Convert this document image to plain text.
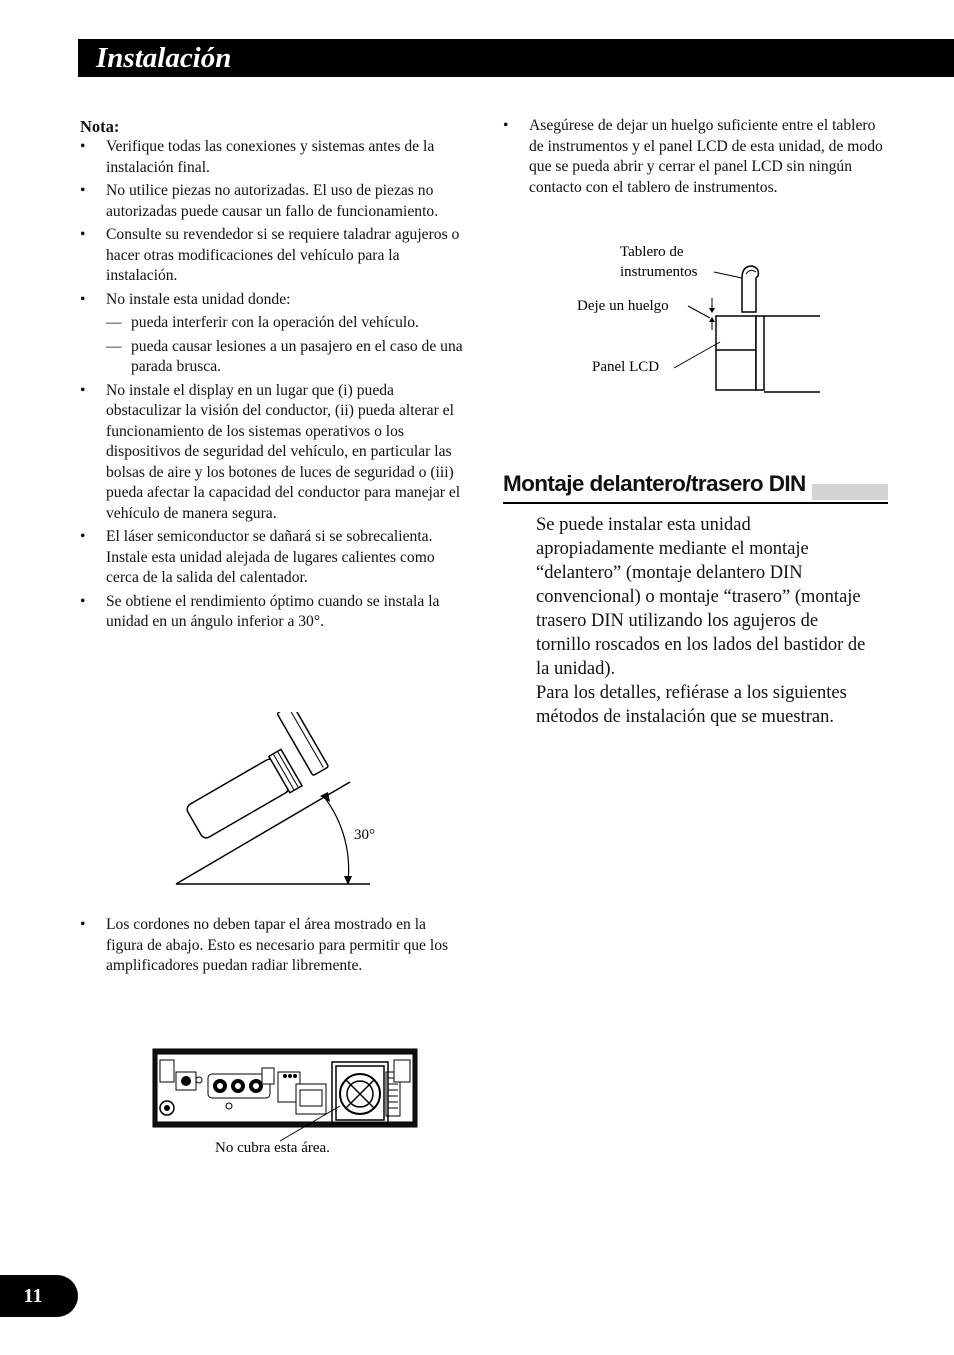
Instalación

Nota:

• Verifique todas las conexiones y sistemas antes de la instalación final.
• No utilice piezas no autorizadas. El uso de piezas no autorizadas puede causar un fallo de funcionamiento.
• Consulte su revendedor si se requiere taladrar agujeros o hacer otras modificaciones del vehículo para la instalación.
• No instale esta unidad donde:
— pueda interferir con la operación del vehículo.
— pueda causar lesiones a un pasajero en el caso de una parada brusca.
• No instale el display en un lugar que (i) pueda obstaculizar la visión del conductor, (ii) pueda alterar el funcionamiento de los sistemas operativos o los dispositivos de seguridad del vehículo, en particular las bolsas de aire y los botones de luces de seguridad o (iii) pueda afectar la capacidad del conductor para manejar el vehículo de manera segura.
• El láser semiconductor se dañará si se sobrecalienta. Instale esta unidad alejada de lugares calientes como cerca de la salida del calentador.
• Se obtiene el rendimiento óptimo cuando se instala la unidad en un ángulo inferior a 30°.
30°
• Los cordones no deben tapar el área mostrado en la figura de abajo. Esto es necesario para permitir que los amplificadores puedan radiar libremente.
No cubra esta área.
• Asegúrese de dejar un huelgo suficiente entre el tablero de instrumentos y el panel LCD de esta unidad, de modo que se pueda abrir y cerrar el panel LCD sin ningún contacto con el tablero de instrumentos.
Tablero de
instrumentos
Deje un huelgo
Panel LCD
Montaje delantero/trasero DIN

Se puede instalar esta unidad apropiadamente mediante el montaje “delantero” (montaje delantero DIN convencional) o montaje “trasero” (montaje trasero DIN utilizando los agujeros de tornillo roscados en los lados del bastidor de la unidad).

Para los detalles, refiérase a los siguientes métodos de instalación que se muestran.

11
